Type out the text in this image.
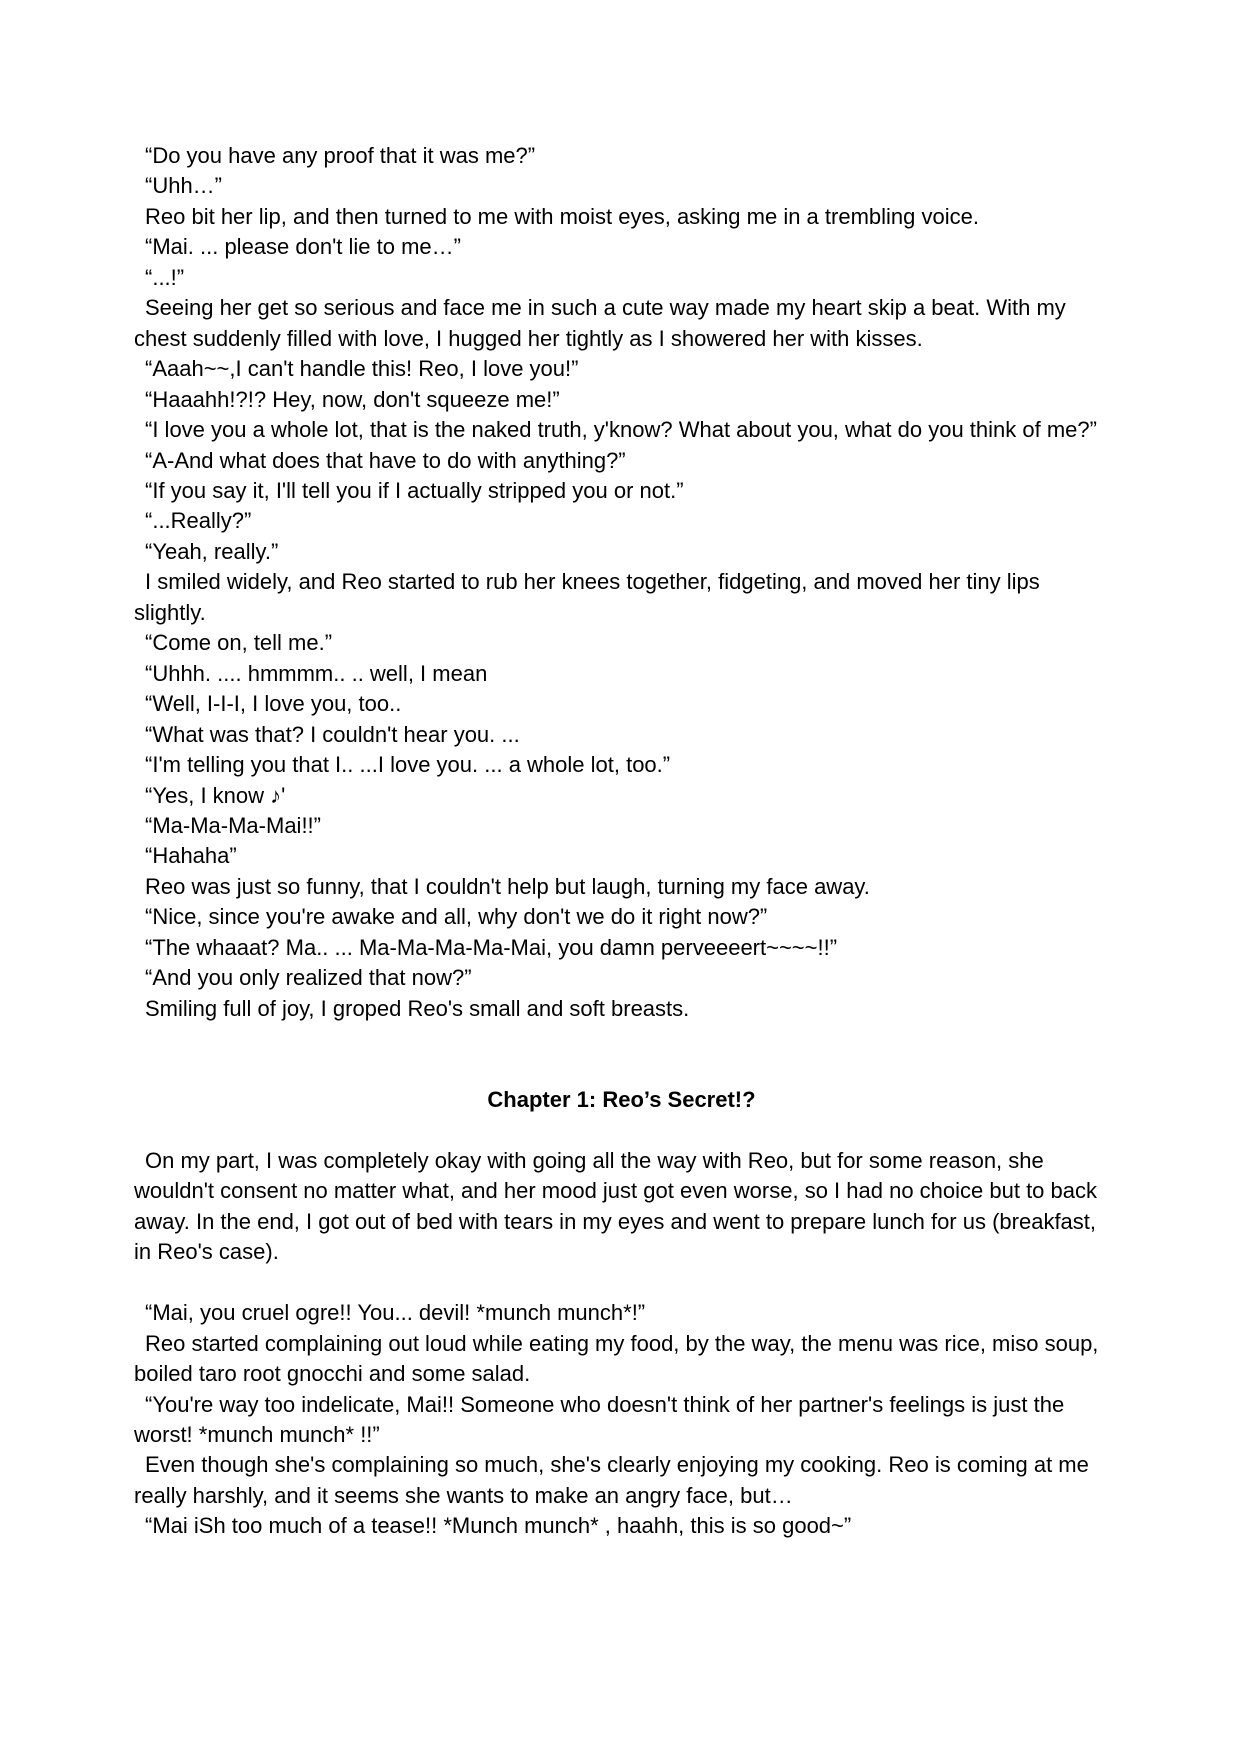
“Do you have any proof that it was me?”

“Uhh…”

Reo bit her lip, and then turned to me with moist eyes, asking me in a trembling voice.

“Mai. ... please don't lie to me…”

“...!”

Seeing her get so serious and face me in such a cute way made my heart skip a beat. With my chest suddenly filled with love, I hugged her tightly as I showered her with kisses.

“Aaah~~,I can't handle this! Reo, I love you!”

“Haaahh!?!? Hey, now, don't squeeze me!”

“I love you a whole lot, that is the naked truth, y'know? What about you, what do you think of me?”

“A-And what does that have to do with anything?”

“If you say it, I'll tell you if I actually stripped you or not.”

“...Really?”

“Yeah, really.”

I smiled widely, and Reo started to rub her knees together, fidgeting, and moved her tiny lips slightly.

“Come on, tell me.”

“Uhhh. .... hmmmm.. .. well, I mean

“Well, I-I-I, I love you, too..

“What was that? I couldn't hear you. ...

“I'm telling you that I.. ...I love you. ... a whole lot, too.”

“Yes, I know ♪'

“Ma-Ma-Ma-Mai!!”

“Hahaha”

Reo was just so funny, that I couldn't help but laugh, turning my face away.

“Nice, since you're awake and all, why don't we do it right now?”

“The whaaat? Ma.. ... Ma-Ma-Ma-Ma-Mai, you damn perveeeert~~~~!!”

“And you only realized that now?”

Smiling full of joy, I groped Reo's small and soft breasts.

Chapter 1: Reo’s Secret!?

On my part, I was completely okay with going all the way with Reo, but for some reason, she wouldn't consent no matter what, and her mood just got even worse, so I had no choice but to back away. In the end, I got out of bed with tears in my eyes and went to prepare lunch for us (breakfast, in Reo's case).

“Mai, you cruel ogre!! You... devil! *munch munch*!”

Reo started complaining out loud while eating my food, by the way, the menu was rice, miso soup, boiled taro root gnocchi and some salad.

“You're way too indelicate, Mai!! Someone who doesn't think of her partner's feelings is just the worst! *munch munch* !!”

Even though she's complaining so much, she's clearly enjoying my cooking. Reo is coming at me really harshly, and it seems she wants to make an angry face, but…

“Mai iSh too much of a tease!! *Munch munch* , haahh, this is so good~”
